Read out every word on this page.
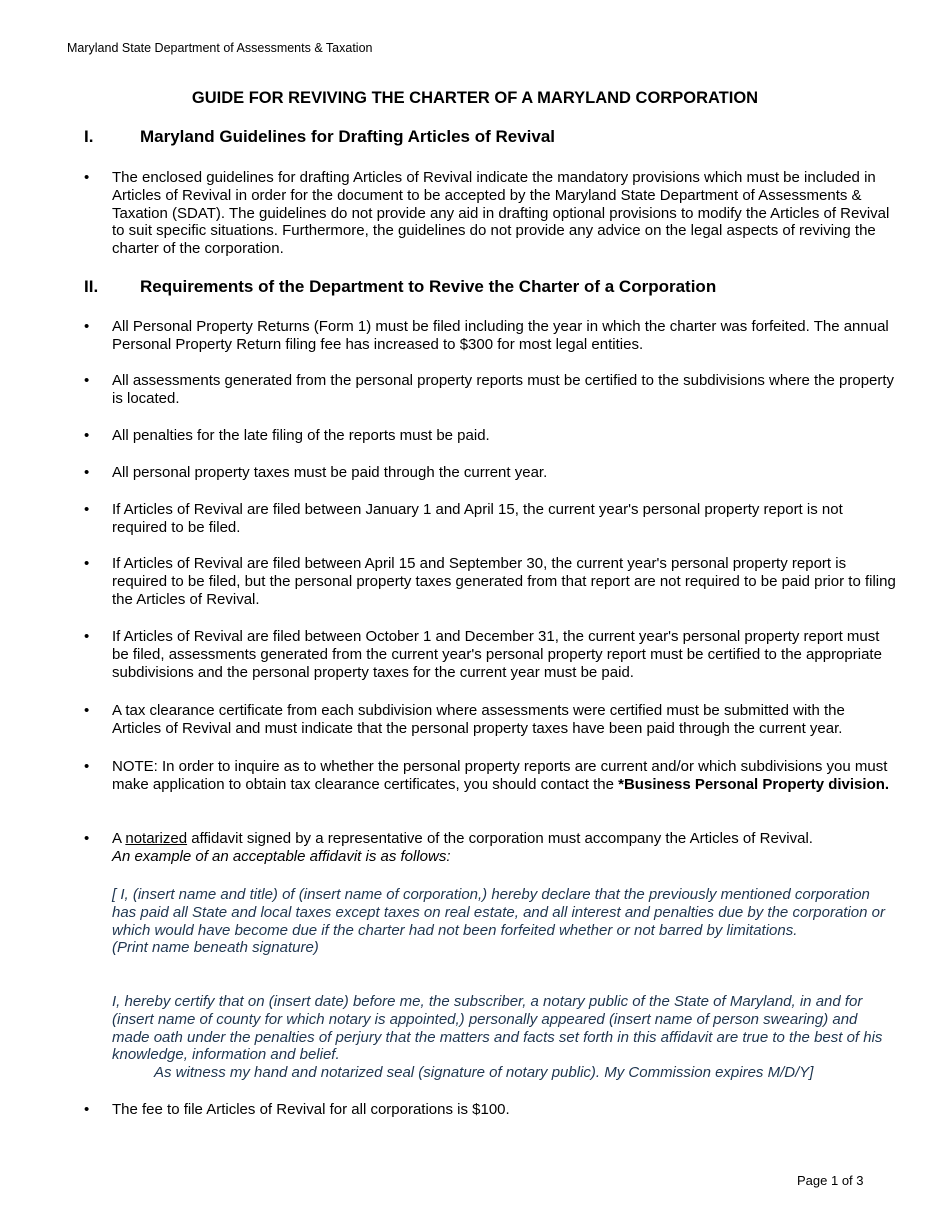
Maryland State Department of Assessments & Taxation
GUIDE FOR REVIVING THE CHARTER OF A MARYLAND CORPORATION
I.	Maryland Guidelines for Drafting Articles of Revival
• The enclosed guidelines for drafting Articles of Revival indicate the mandatory provisions which must be included in Articles of Revival in order for the document to be accepted by the Maryland State Department of Assessments & Taxation (SDAT). The guidelines do not provide any aid in drafting optional provisions to modify the Articles of Revival to suit specific situations. Furthermore, the guidelines do not provide any advice on the legal aspects of reviving the charter of the corporation.
II. Requirements of the Department to Revive the Charter of a Corporation
• All Personal Property Returns (Form 1) must be filed including the year in which the charter was forfeited. The annual Personal Property Return filing fee has increased to $300 for most legal entities.
• All assessments generated from the personal property reports must be certified to the subdivisions where the property is located.
• All penalties for the late filing of the reports must be paid.
• All personal property taxes must be paid through the current year.
• If Articles of Revival are filed between January 1 and April 15, the current year's personal property report is not required to be filed.
• If Articles of Revival are filed between April 15 and September 30, the current year's personal property report is required to be filed, but the personal property taxes generated from that report are not required to be paid prior to filing the Articles of Revival.
• If Articles of Revival are filed between October 1 and December 31, the current year's personal property report must be filed, assessments generated from the current year's personal property report must be certified to the appropriate subdivisions and the personal property taxes for the current year must be paid.
• A tax clearance certificate from each subdivision where assessments were certified must be submitted with the Articles of Revival and must indicate that the personal property taxes have been paid through the current year.
• NOTE: In order to inquire as to whether the personal property reports are current and/or which subdivisions you must make application to obtain tax clearance certificates, you should contact the *Business Personal Property division.
• A notarized affidavit signed by a representative of the corporation must accompany the Articles of Revival.
An example of an acceptable affidavit is as follows:

[ I, (insert name and title) of (insert name of corporation,) hereby declare that the previously mentioned corporation has paid all State and local taxes except taxes on real estate, and all interest and penalties due by the corporation or which would have become due if the charter had not been forfeited whether or not barred by limitations.

(Print name beneath signature)

I, hereby certify that on (insert date) before me, the subscriber, a notary public of the State of Maryland, in and for (insert name of county for which notary is appointed,) personally appeared (insert name of person swearing) and made oath under the penalties of perjury that the matters and facts set forth in this affidavit are true to the best of his knowledge, information and belief.

As witness my hand and notarized seal (signature of notary public). My Commission expires M/D/Y]

• The fee to file Articles of Revival for all corporations is $100.
Page 1 of 3
